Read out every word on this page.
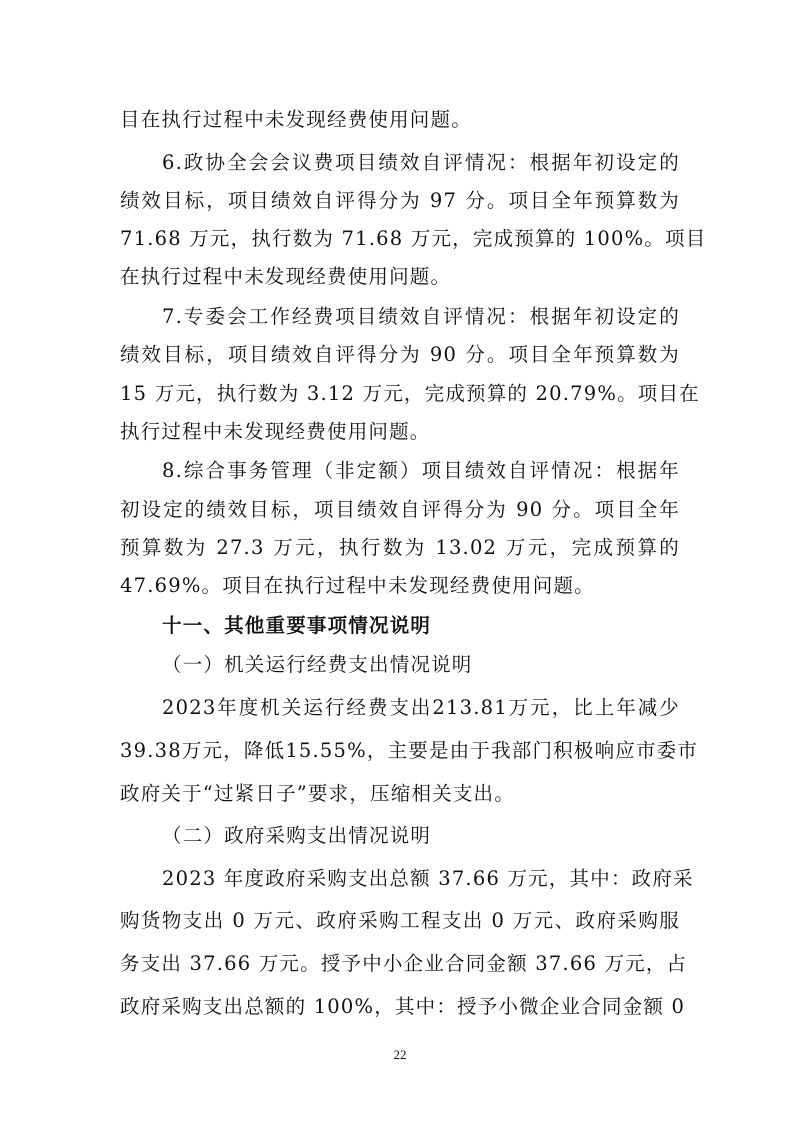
目在执行过程中未发现经费使用问题。
6.政协全会会议费项目绩效自评情况：根据年初设定的
绩效目标，项目绩效自评得分为 97 分。项目全年预算数为
71.68 万元，执行数为 71.68 万元，完成预算的 100%。项目
在执行过程中未发现经费使用问题。
7.专委会工作经费项目绩效自评情况：根据年初设定的
绩效目标，项目绩效自评得分为 90 分。项目全年预算数为
15 万元，执行数为 3.12 万元，完成预算的 20.79%。项目在
执行过程中未发现经费使用问题。
8.综合事务管理（非定额）项目绩效自评情况：根据年
初设定的绩效目标，项目绩效自评得分为 90 分。项目全年
预算数为 27.3 万元，执行数为 13.02 万元，完成预算的
47.69%。项目在执行过程中未发现经费使用问题。
十一、其他重要事项情况说明
（一）机关运行经费支出情况说明
2023年度机关运行经费支出213.81万元，比上年减少
39.38万元，降低15.55%，主要是由于我部门积极响应市委市
政府关于“过紧日子”要求，压缩相关支出。
（二）政府采购支出情况说明
2023 年度政府采购支出总额 37.66 万元，其中：政府采
购货物支出 0 万元、政府采购工程支出 0 万元、政府采购服
务支出 37.66 万元。授予中小企业合同金额 37.66 万元，占
政府采购支出总额的 100%，其中：授予小微企业合同金额 0
22
